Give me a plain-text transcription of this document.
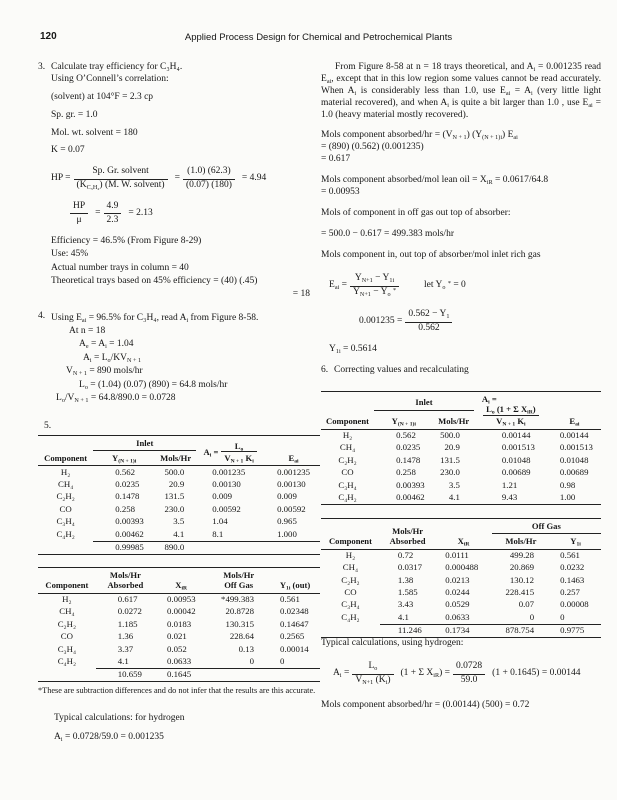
120	Applied Process Design for Chemical and Petrochemical Plants
3. Calculate tray efficiency for C₃H₄.

Using O’Connell’s correlation:

(solvent) at 104°F = 2.3 cp

Sp. gr. = 1.0

Mol. wt. solvent = 180

K = 0.07

HP = $\frac{\text{Sp. Gr. solvent}}{(K_{C_3H_4}) (M. W. solvent)} = \frac{(1.0) (62.3)}{(0.07) (180)} = 4.94$
$\frac{HP}{\mu} = \frac{4.9}{2.3} = 2.13$

Efficiency = 46.5% (From Figure 8-29)

Use: 45%

Actual number trays in column = 40

Theoretical trays based on 45% efficiency = (40) (.45)

= 18

4. Using $E_{ai} = 96.5\%$ for C₃H₄, read $A_i$ from Figure 8-58.

At n = 18

$A_e = A_i = 1.04$

$A_i = L_o/KV_{N + 1}$

$V_{N + 1} = 890$ mols/hr

$L_o = (1.04)$ (0.07) (890) = 64.8 mols/hr

$L_o/V_{N + 1} = 64.8/890.0 = 0.0728$

5.

Component	Inlet		$A_i = \frac{L_o}{V_{N + 1} K_i}$	$E_{ai}$
	$Y_{(N + 1)i}$	Mols/Hr		
H₂	0.562	500.0	0.001235	0.001235
CH₄	0.0235	20.9	0.00130	0.00130
C₂H₂	0.1478	131.5	0.009	0.009
CO	0.258	230.0	0.00592	0.00592
C₃H₄	0.00393	3.5	1.04	0.965
C₄H₂	0.00462	4.1	8.1	1.000
	0.99985	890.0		
Component	Mols/Hr
Absorbed	$X_{iR}$	Mols/Hr
Off Gas	$Y_{1i}$ (out)
H₂	0.617	0.00953	*499.383	0.561
CH₄	0.0272	0.00042	20.8728	0.02348
C₂H₂	1.185	0.0183	130.315	0.14647
CO	1.36	0.021	228.64	0.2565
C₃H₄	3.37	0.052	0.13	0.00014
C₄H₂	4.1	0.0633	0	0
	10.659	0.1645		

*These are subtraction differences and do not infer that the results are this accurate.

Typical calculations: for hydrogen

$A_i = 0.0728/59.0 = 0.001235$

From Figure 8-58 at n = 18 trays theoretical, and $A_i = 0.001235$ read $E_{ai}$, except that in this low region some values cannot be read accurately. When $A_i$ is considerably less than 1.0, use $E_{ai} = A_i$ (very little light material recovered), and when $A_i$ is quite a bit larger than 1.0 , use $E_{ai} = 1.0$ (heavy material mostly recovered).

Mols component absorbed/hr = $(V_{N + 1})$ $(Y_{(N + 1)i})$ $E_{ai}$

= (890) (0.562) (0.001235)

= 0.617

Mols component absorbed/mol lean oil = $X_{iR} = 0.0617/64.8$

= 0.00953

Mols of component in off gas out top of absorber:

= 500.0 − 0.617 = 499.383 mols/hr

Mols component in, out top of absorber/mol inlet rich gas

$E_{ai} = \frac{Y_{N+1} - Y_{1i}}{Y_{N+1} - Y_o ^*}$	let $Y_o$ * = 0
$0.001235 = \frac{0.562 - Y_1}{0.562}$

$Y_{1i} = 0.5614$

6. Correcting values and recalculating
Component	Inlet		$A_i$ =
$\frac{L_o (1 + \Sigma X_{iR})}{V_{N + 1} K_i}$	$E_{ai}$
	$Y_{(N + 1)i}$	Mols/Hr		
H₂	0.562	500.0	0.00144	0.00144
CH₄	0.0235	20.9	0.001513	0.001513
C₂H₂	0.1478	131.5	0.01048	0.01048
CO	0.258	230.0	0.00689	0.00689
C₃H₄	0.00393	3.5	1.21	0.98
C₄H₂	0.00462	4.1	9.43	1.00
Component	Mols/Hr
Absorbed	$X_{iR}$	Off Gas	
			Mols/Hr	$Y_{1i}$
H₂	0.72	0.0111	499.28	0.561
CH₄	0.0317	0.000488	20.869	0.0232
C₂H₂	1.38	0.0213	130.12	0.1463
CO	1.585	0.0244	228.415	0.257
C₃H₄	3.43	0.0529	0.07	0.00008
C₄H₂	4.1	0.0633	0	0
	11.246	0.1734	878.754	0.9775

Typical calculations, using hydrogen:

$A_i = \frac{L_o}{V_{N+1} (K_i)} (1 + \Sigma$ $X_{iR}) = \frac{0.0728}{59.0} (1 + 0.1645) = 0.00144$

Mols component absorbed/hr = (0.00144) (500) = 0.72
